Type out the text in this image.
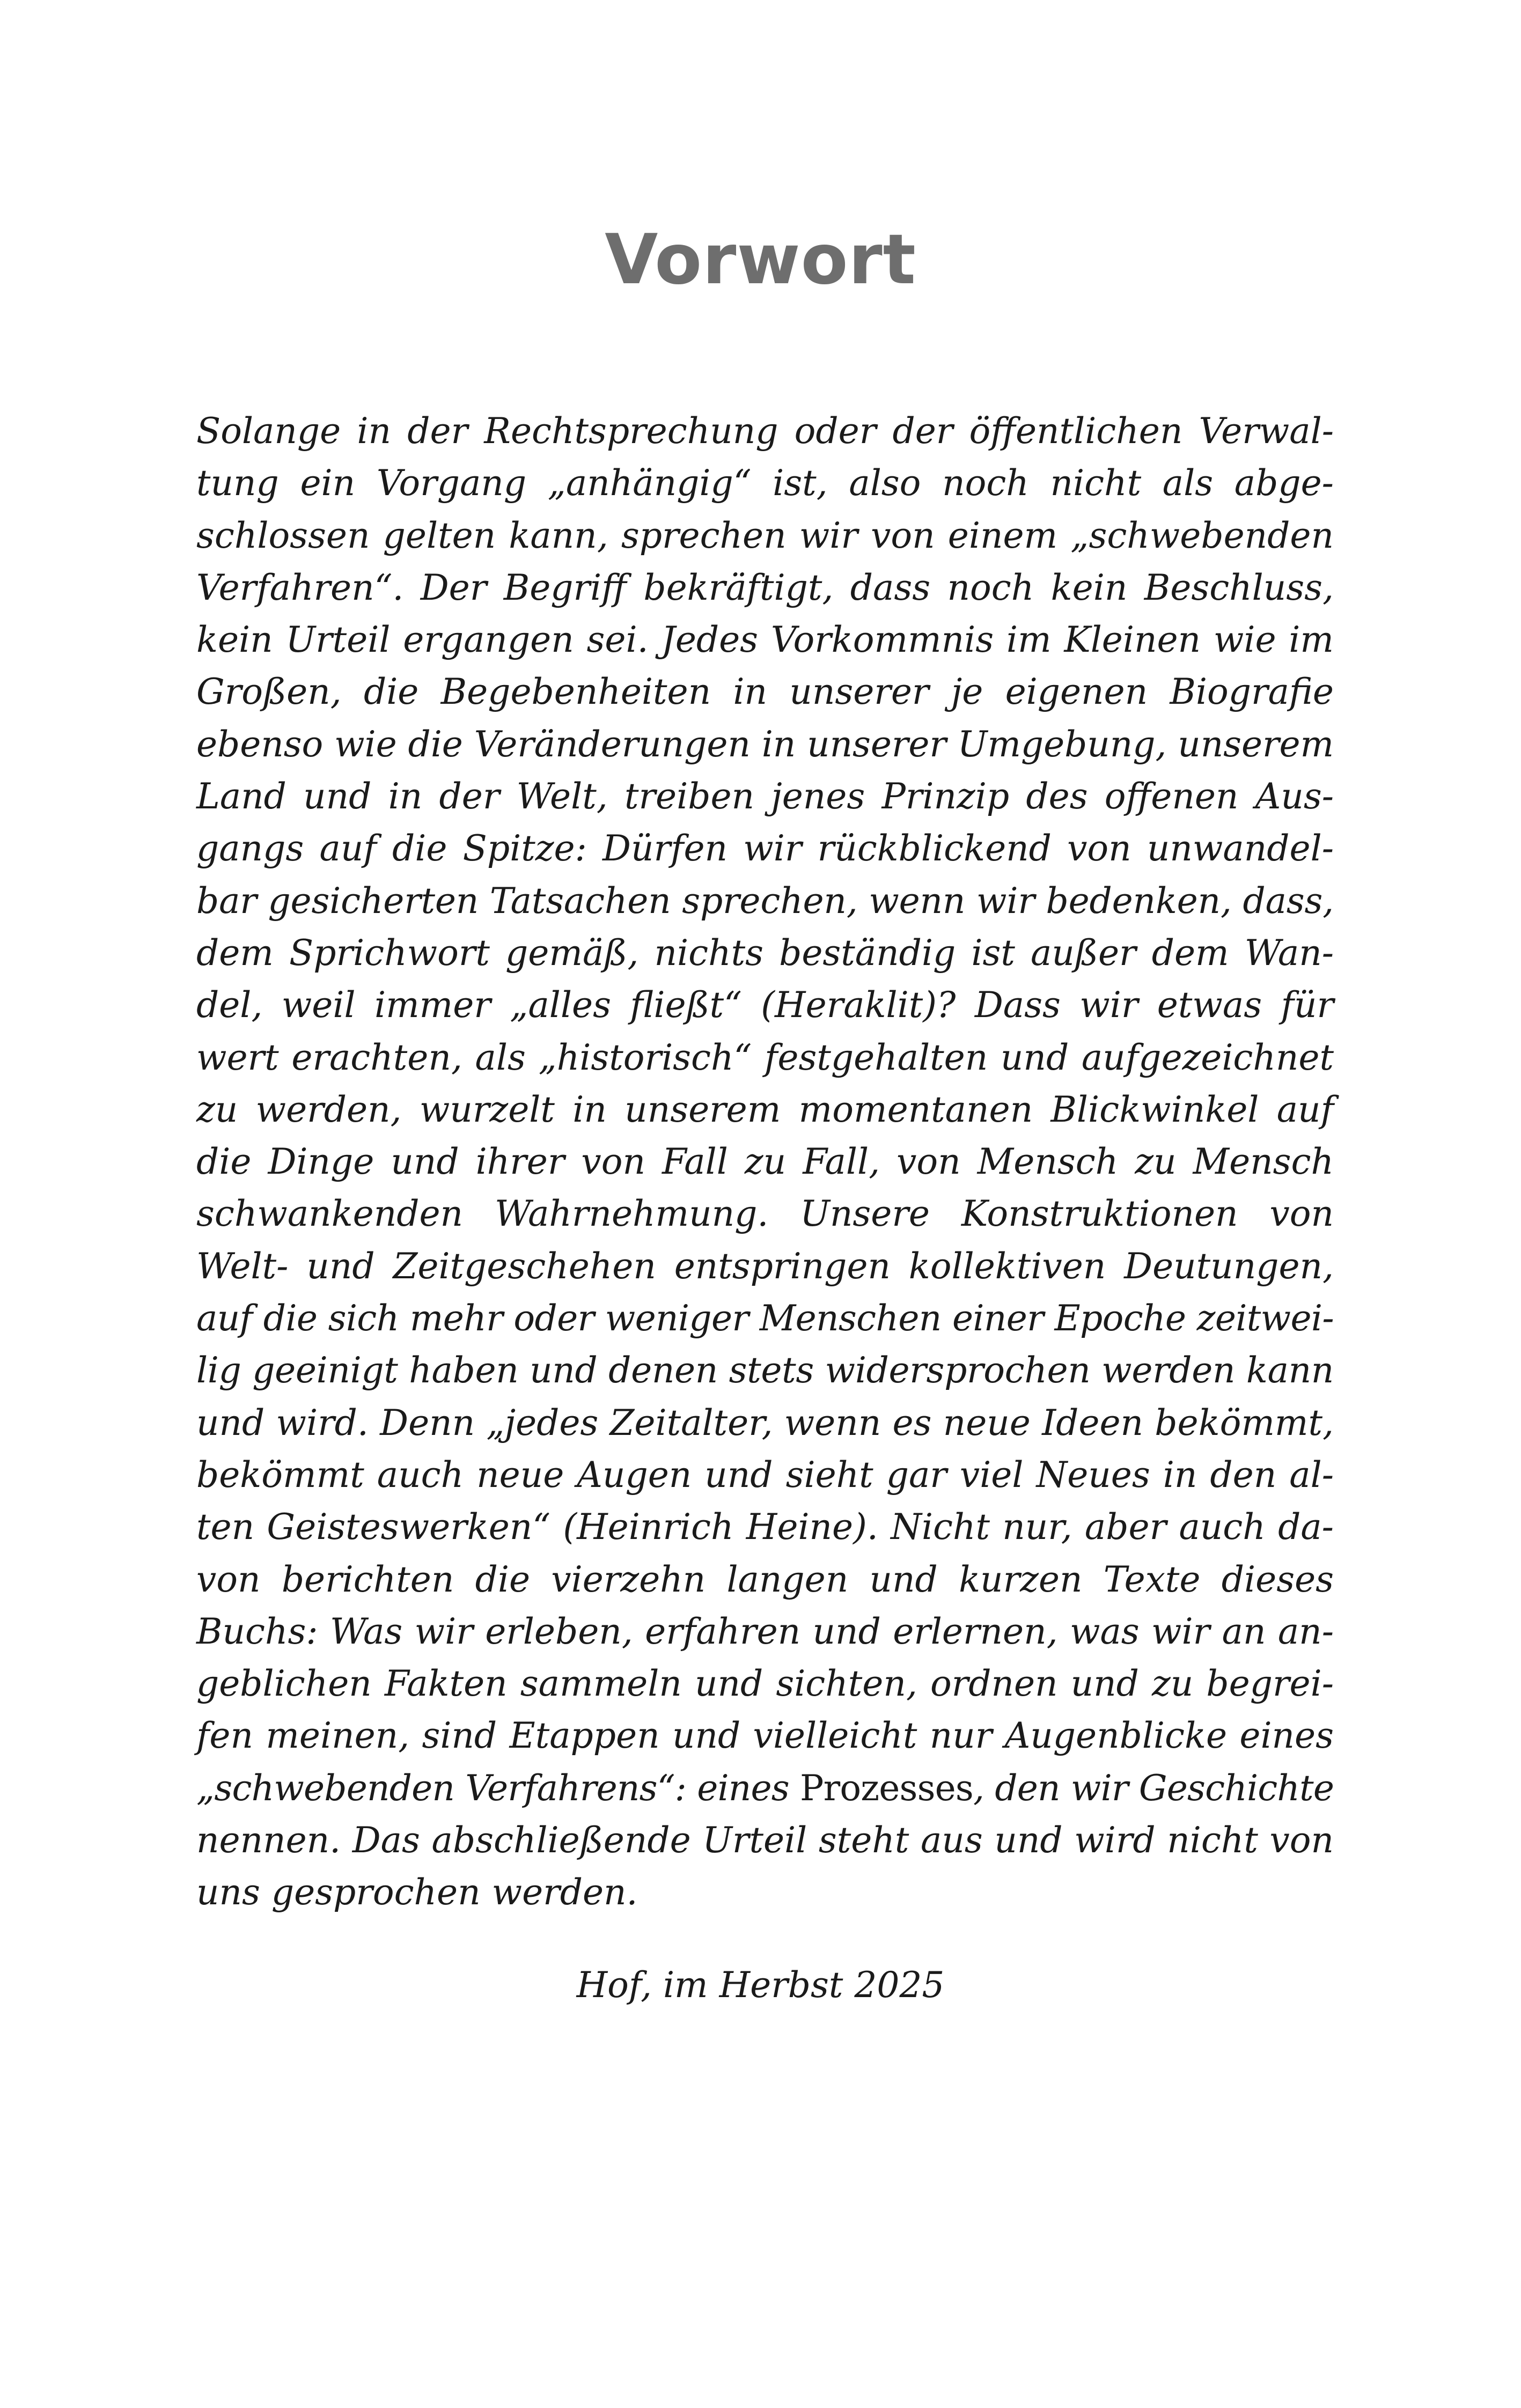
Vorwort
Solange in der Rechtsprechung oder der öffentlichen Verwal-
tung ein Vorgang „anhängig“ ist, also noch nicht als abge-
schlossen gelten kann, sprechen wir von einem „schwebenden
Verfahren“. Der Begriff bekräftigt, dass noch kein Beschluss,
kein Urteil ergangen sei. Jedes Vorkommnis im Kleinen wie im
Großen, die Begebenheiten in unserer je eigenen Biografie
ebenso wie die Veränderungen in unserer Umgebung, unserem
Land und in der Welt, treiben jenes Prinzip des offenen Aus-
gangs auf die Spitze: Dürfen wir rückblickend von unwandel-
bar gesicherten Tatsachen sprechen, wenn wir bedenken, dass,
dem Sprichwort gemäß, nichts beständig ist außer dem Wan-
del, weil immer „alles fließt“ (Heraklit)? Dass wir etwas für
wert erachten, als „historisch“ festgehalten und aufgezeichnet
zu werden, wurzelt in unserem momentanen Blickwinkel auf
die Dinge und ihrer von Fall zu Fall, von Mensch zu Mensch
schwankenden Wahrnehmung. Unsere Konstruktionen von
Welt- und Zeitgeschehen entspringen kollektiven Deutungen,
auf die sich mehr oder weniger Menschen einer Epoche zeitwei-
lig geeinigt haben und denen stets widersprochen werden kann
und wird. Denn „jedes Zeitalter, wenn es neue Ideen bekömmt,
bekömmt auch neue Augen und sieht gar viel Neues in den al-
ten Geisteswerken“ (Heinrich Heine). Nicht nur, aber auch da-
von berichten die vierzehn langen und kurzen Texte dieses
Buchs: Was wir erleben, erfahren und erlernen, was wir an an-
geblichen Fakten sammeln und sichten, ordnen und zu begrei-
fen meinen, sind Etappen und vielleicht nur Augenblicke eines
„schwebenden Verfahrens“: eines Prozesses, den wir Geschichte
nennen. Das abschließende Urteil steht aus und wird nicht von
uns gesprochen werden.

Hof, im Herbst 2025
